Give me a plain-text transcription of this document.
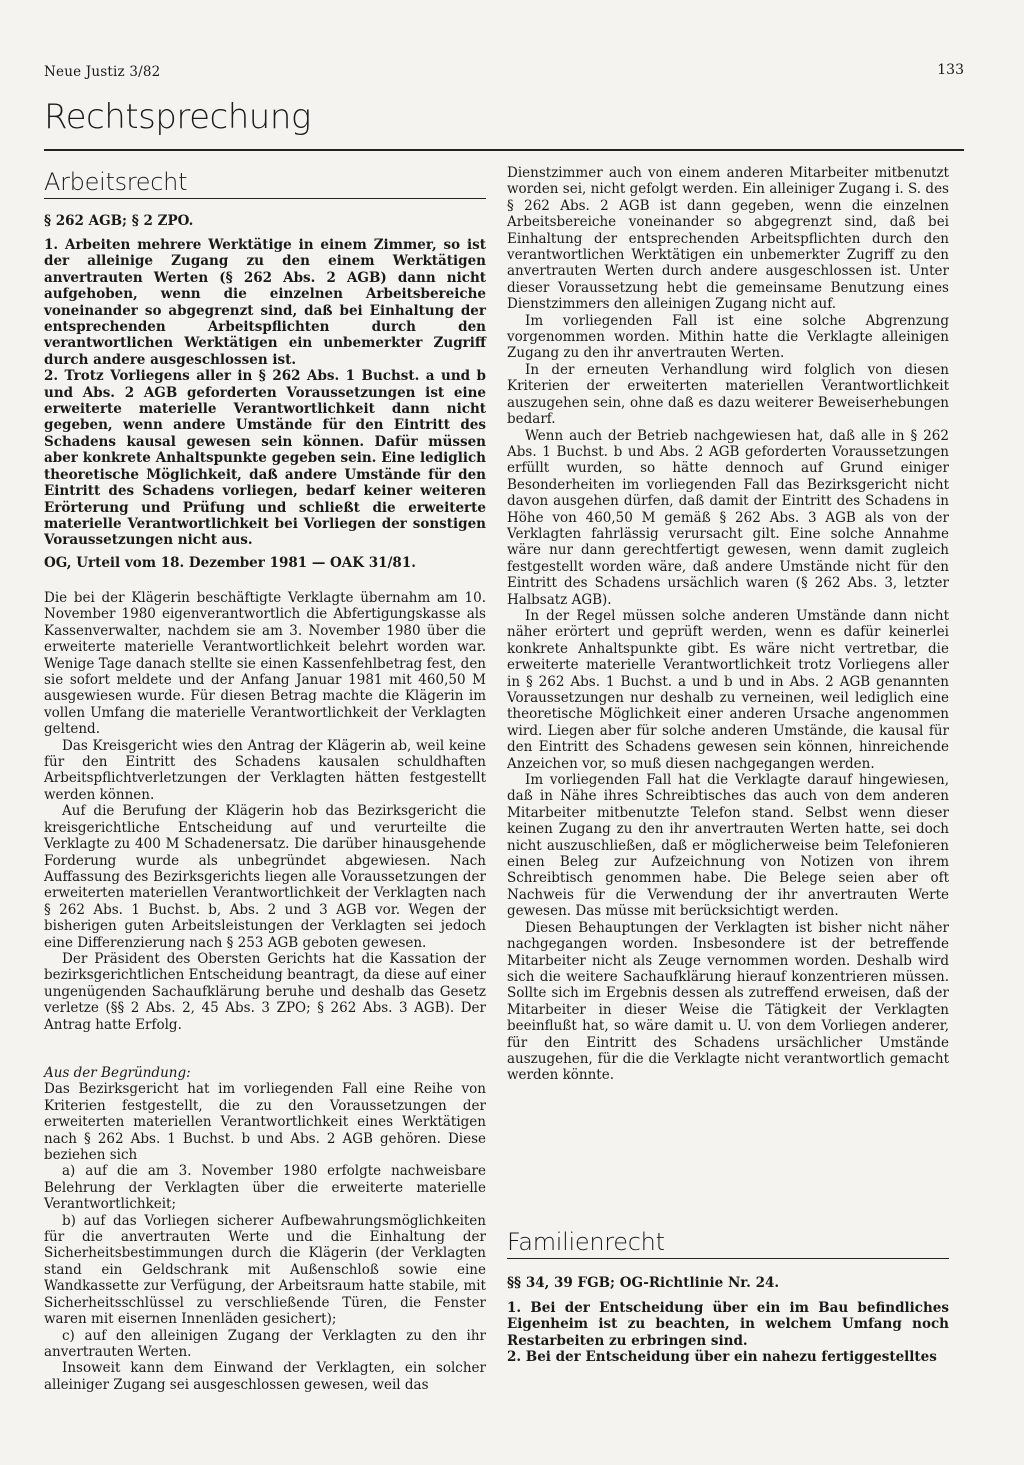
Neue Justiz 3/82	133
Rechtsprechung
Arbeitsrecht

§ 262 AGB; § 2 ZPO.

1. Arbeiten mehrere Werktätige in einem Zimmer, so ist der alleinige Zugang zu den einem Werktätigen anvertrauten Werten (§ 262 Abs. 2 AGB) dann nicht aufgehoben, wenn die einzelnen Arbeitsbereiche voneinander so abgegrenzt sind, daß bei Einhaltung der entsprechenden Arbeitspflichten durch den verantwortlichen Werktätigen ein unbemerkter Zugriff durch andere ausgeschlossen ist.

2. Trotz Vorliegens aller in § 262 Abs. 1 Buchst. a und b und Abs. 2 AGB geforderten Voraussetzungen ist eine erweiterte materielle Verantwortlichkeit dann nicht gegeben, wenn andere Umstände für den Eintritt des Schadens kausal gewesen sein können. Dafür müssen aber konkrete Anhaltspunkte gegeben sein. Eine lediglich theoretische Möglichkeit, daß andere Umstände für den Eintritt des Schadens vorliegen, bedarf keiner weiteren Erörterung und Prüfung und schließt die erweiterte materielle Verantwortlichkeit bei Vorliegen der sonstigen Voraussetzungen nicht aus.

OG, Urteil vom 18. Dezember 1981 — OAK 31/81.

Die bei der Klägerin beschäftigte Verklagte übernahm am 10. November 1980 eigenverantwortlich die Abfertigungskasse als Kassenverwalter, nachdem sie am 3. November 1980 über die erweiterte materielle Verantwortlichkeit belehrt worden war. Wenige Tage danach stellte sie einen Kassenfehlbetrag fest, den sie sofort meldete und der Anfang Januar 1981 mit 460,50 M ausgewiesen wurde. Für diesen Betrag machte die Klägerin im vollen Umfang die materielle Verantwortlichkeit der Verklagten geltend.

Das Kreisgericht wies den Antrag der Klägerin ab, weil keine für den Eintritt des Schadens kausalen schuldhaften Arbeitspflichtverletzungen der Verklagten hätten festgestellt werden können.

Auf die Berufung der Klägerin hob das Bezirksgericht die kreisgerichtliche Entscheidung auf und verurteilte die Verklagte zu 400 M Schadenersatz. Die darüber hinausgehende Forderung wurde als unbegründet abgewiesen. Nach Auffassung des Bezirksgerichts liegen alle Voraussetzungen der erweiterten materiellen Verantwortlichkeit der Verklagten nach § 262 Abs. 1 Buchst. b, Abs. 2 und 3 AGB vor. Wegen der bisherigen guten Arbeitsleistungen der Verklagten sei jedoch eine Differenzierung nach § 253 AGB geboten gewesen.

Der Präsident des Obersten Gerichts hat die Kassation der bezirksgerichtlichen Entscheidung beantragt, da diese auf einer ungenügenden Sachaufklärung beruhe und deshalb das Gesetz verletze (§§ 2 Abs. 2, 45 Abs. 3 ZPO; § 262 Abs. 3 AGB). Der Antrag hatte Erfolg.

Aus der Begründung:

Das Bezirksgericht hat im vorliegenden Fall eine Reihe von Kriterien festgestellt, die zu den Voraussetzungen der erweiterten materiellen Verantwortlichkeit eines Werktätigen nach § 262 Abs. 1 Buchst. b und Abs. 2 AGB gehören. Diese beziehen sich

a) auf die am 3. November 1980 erfolgte nachweisbare Belehrung der Verklagten über die erweiterte materielle Verantwortlichkeit;

b) auf das Vorliegen sicherer Aufbewahrungsmöglichkeiten für die anvertrauten Werte und die Einhaltung der Sicherheitsbestimmungen durch die Klägerin (der Verklagten stand ein Geldschrank mit Außenschloß sowie eine Wandkassette zur Verfügung, der Arbeitsraum hatte stabile, mit Sicherheitsschlüssel zu verschließende Türen, die Fenster waren mit eisernen Innenläden gesichert);

c) auf den alleinigen Zugang der Verklagten zu den ihr anvertrauten Werten.

Insoweit kann dem Einwand der Verklagten, ein solcher alleiniger Zugang sei ausgeschlossen gewesen, weil das

Dienstzimmer auch von einem anderen Mitarbeiter mitbenutzt worden sei, nicht gefolgt werden. Ein alleiniger Zugang i. S. des § 262 Abs. 2 AGB ist dann gegeben, wenn die einzelnen Arbeitsbereiche voneinander so abgegrenzt sind, daß bei Einhaltung der entsprechenden Arbeitspflichten durch den verantwortlichen Werktätigen ein unbemerkter Zugriff zu den anvertrauten Werten durch andere ausgeschlossen ist. Unter dieser Voraussetzung hebt die gemeinsame Benutzung eines Dienstzimmers den alleinigen Zugang nicht auf.

Im vorliegenden Fall ist eine solche Abgrenzung vorgenommen worden. Mithin hatte die Verklagte alleinigen Zugang zu den ihr anvertrauten Werten.

In der erneuten Verhandlung wird folglich von diesen Kriterien der erweiterten materiellen Verantwortlichkeit auszugehen sein, ohne daß es dazu weiterer Beweiserhebungen bedarf.

Wenn auch der Betrieb nachgewiesen hat, daß alle in § 262 Abs. 1 Buchst. b und Abs. 2 AGB geforderten Voraussetzungen erfüllt wurden, so hätte dennoch auf Grund einiger Besonderheiten im vorliegenden Fall das Bezirksgericht nicht davon ausgehen dürfen, daß damit der Eintritt des Schadens in Höhe von 460,50 M gemäß § 262 Abs. 3 AGB als von der Verklagten fahrlässig verursacht gilt. Eine solche Annahme wäre nur dann gerechtfertigt gewesen, wenn damit zugleich festgestellt worden wäre, daß andere Umstände nicht für den Eintritt des Schadens ursächlich waren (§ 262 Abs. 3, letzter Halbsatz AGB).

In der Regel müssen solche anderen Umstände dann nicht näher erörtert und geprüft werden, wenn es dafür keinerlei konkrete Anhaltspunkte gibt. Es wäre nicht vertretbar, die erweiterte materielle Verantwortlichkeit trotz Vorliegens aller in § 262 Abs. 1 Buchst. a und b und in Abs. 2 AGB genannten Voraussetzungen nur deshalb zu verneinen, weil lediglich eine theoretische Möglichkeit einer anderen Ursache angenommen wird. Liegen aber für solche anderen Umstände, die kausal für den Eintritt des Schadens gewesen sein können, hinreichende Anzeichen vor, so muß diesen nachgegangen werden.

Im vorliegenden Fall hat die Verklagte darauf hingewiesen, daß in Nähe ihres Schreibtisches das auch von dem anderen Mitarbeiter mitbenutzte Telefon stand. Selbst wenn dieser keinen Zugang zu den ihr anvertrauten Werten hatte, sei doch nicht auszuschließen, daß er möglicherweise beim Telefonieren einen Beleg zur Aufzeichnung von Notizen von ihrem Schreibtisch genommen habe. Die Belege seien aber oft Nachweis für die Verwendung der ihr anvertrauten Werte gewesen. Das müsse mit berücksichtigt werden.

Diesen Behauptungen der Verklagten ist bisher nicht näher nachgegangen worden. Insbesondere ist der betreffende Mitarbeiter nicht als Zeuge vernommen worden. Deshalb wird sich die weitere Sachaufklärung hierauf konzentrieren müssen. Sollte sich im Ergebnis dessen als zutreffend erweisen, daß der Mitarbeiter in dieser Weise die Tätigkeit der Verklagten beeinflußt hat, so wäre damit u. U. von dem Vorliegen anderer, für den Eintritt des Schadens ursächlicher Umstände auszugehen, für die die Verklagte nicht verantwortlich gemacht werden könnte.

Familienrecht

§§ 34, 39 FGB; OG-Richtlinie Nr. 24.

1. Bei der Entscheidung über ein im Bau befindliches Eigenheim ist zu beachten, in welchem Umfang noch Restarbeiten zu erbringen sind.

2. Bei der Entscheidung über ein nahezu fertiggestelltes
